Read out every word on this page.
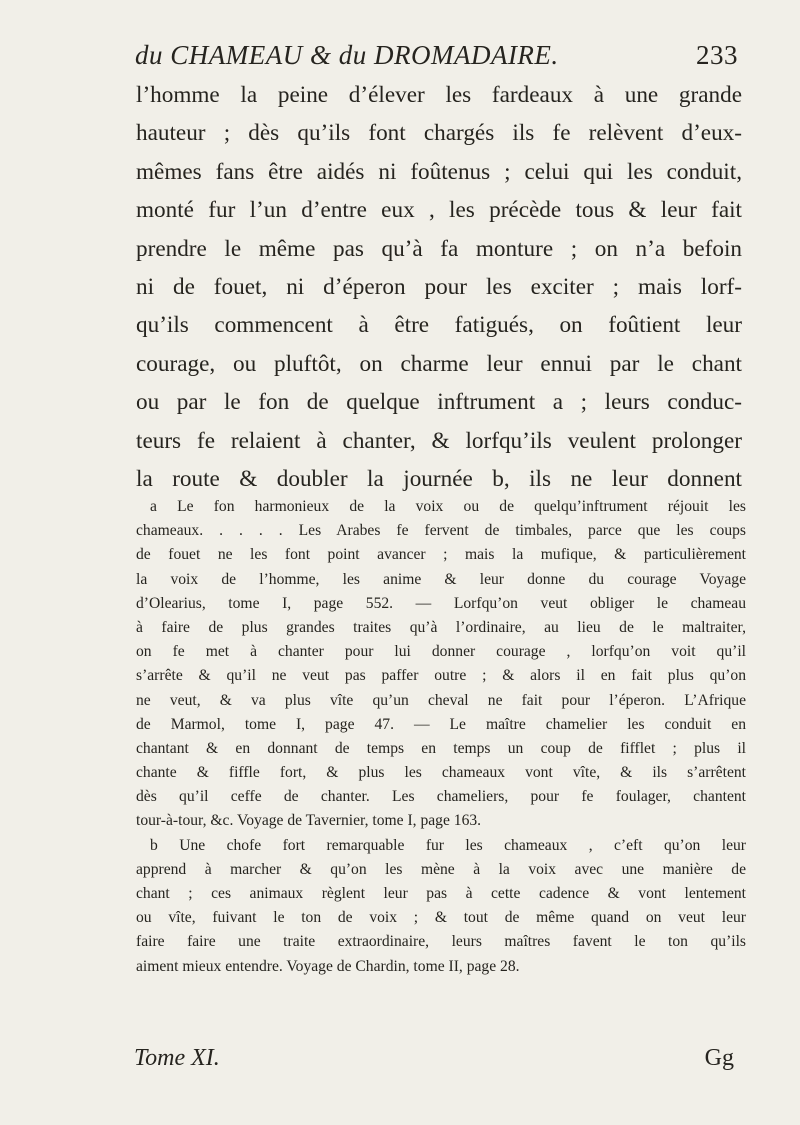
du CHAMEAU & du DROMADAIRE.	233
l’homme la peine d’élever les fardeaux à une grande
hauteur ; dès qu’ils font chargés ils fe relèvent d’eux-
mêmes fans être aidés ni foûtenus ; celui qui les conduit,
monté fur l’un d’entre eux , les précède tous & leur fait
prendre le même pas qu’à fa monture ; on n’a befoin
ni de fouet, ni d’éperon pour les exciter ; mais lorf-
qu’ils commencent à être fatigués, on foûtient leur
courage, ou pluftôt, on charme leur ennui par le chant
ou par le fon de quelque inftrument a ; leurs conduc-
teurs fe relaient à chanter, & lorfqu’ils veulent prolonger
la route & doubler la journée b, ils ne leur donnent
a Le fon harmonieux de la voix ou de quelqu’inftrument réjouit les
chameaux. . . . . Les Arabes fe fervent de timbales, parce que les coups
de fouet ne les font point avancer ; mais la mufique, & particulièrement
la voix de l’homme, les anime & leur donne du courage Voyage
d’Olearius, tome I, page 552. — Lorfqu’on veut obliger le chameau
à faire de plus grandes traites qu’à l’ordinaire, au lieu de le maltraiter,
on fe met à chanter pour lui donner courage , lorfqu’on voit qu’il
s’arrête & qu’il ne veut pas paffer outre ; & alors il en fait plus qu’on
ne veut, & va plus vîte qu’un cheval ne fait pour l’éperon. L’Afrique
de Marmol, tome I, page 47. — Le maître chamelier les conduit en
chantant & en donnant de temps en temps un coup de fifflet ; plus il
chante & fiffle fort, & plus les chameaux vont vîte, & ils s’arrêtent
dès qu’il ceffe de chanter. Les chameliers, pour fe foulager, chantent
tour-à-tour, &c. Voyage de Tavernier, tome I, page 163.
b Une chofe fort remarquable fur les chameaux , c’eft qu’on leur
apprend à marcher & qu’on les mène à la voix avec une manière de
chant ; ces animaux règlent leur pas à cette cadence & vont lentement
ou vîte, fuivant le ton de voix ; & tout de même quand on veut leur
faire faire une traite extraordinaire, leurs maîtres favent le ton qu’ils
aiment mieux entendre. Voyage de Chardin, tome II, page 28.
Tome XI.	Gg
